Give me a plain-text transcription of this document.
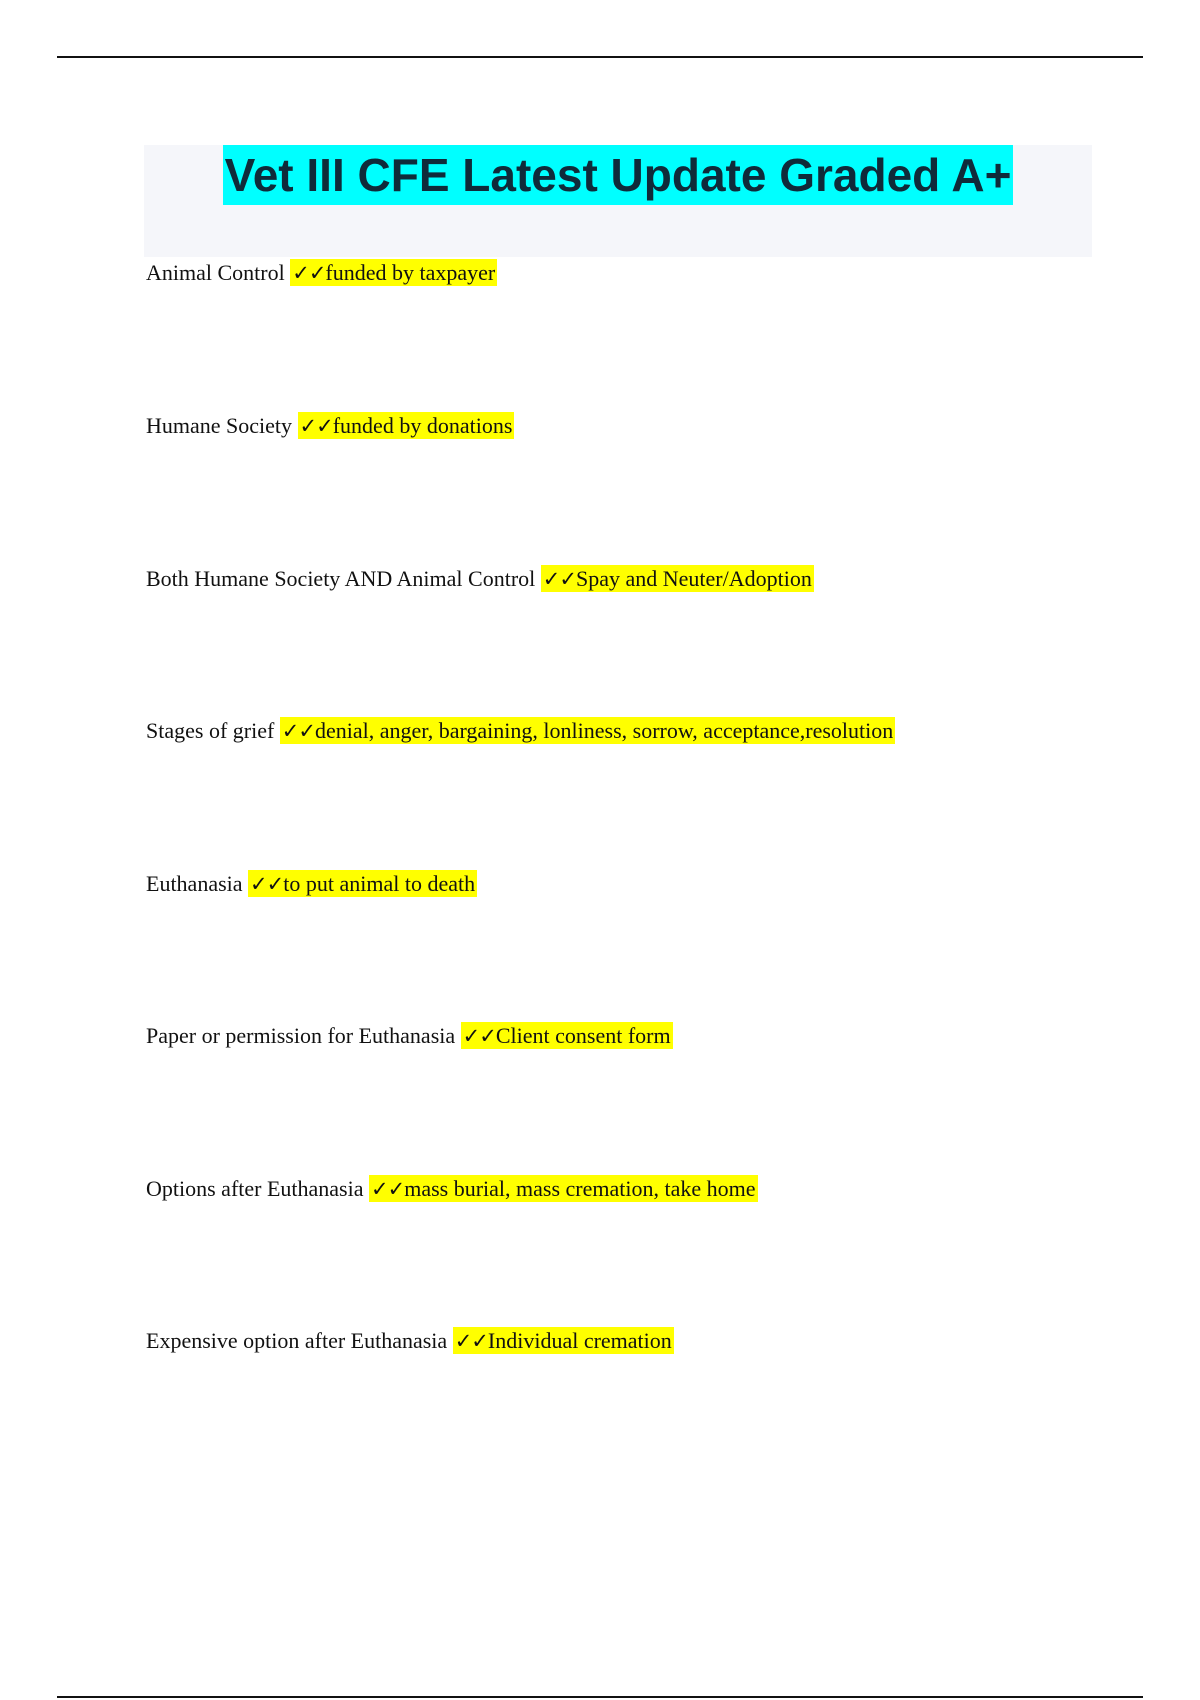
Vet III CFE Latest Update Graded A+
Animal Control ✓✓funded by taxpayer
Humane Society ✓✓funded by donations
Both Humane Society AND Animal Control ✓✓Spay and Neuter/Adoption
Stages of grief ✓✓denial, anger, bargaining, lonliness, sorrow, acceptance,resolution
Euthanasia ✓✓to put animal to death
Paper or permission for Euthanasia ✓✓Client consent form
Options after Euthanasia ✓✓mass burial, mass cremation, take home
Expensive option after Euthanasia ✓✓Individual cremation
